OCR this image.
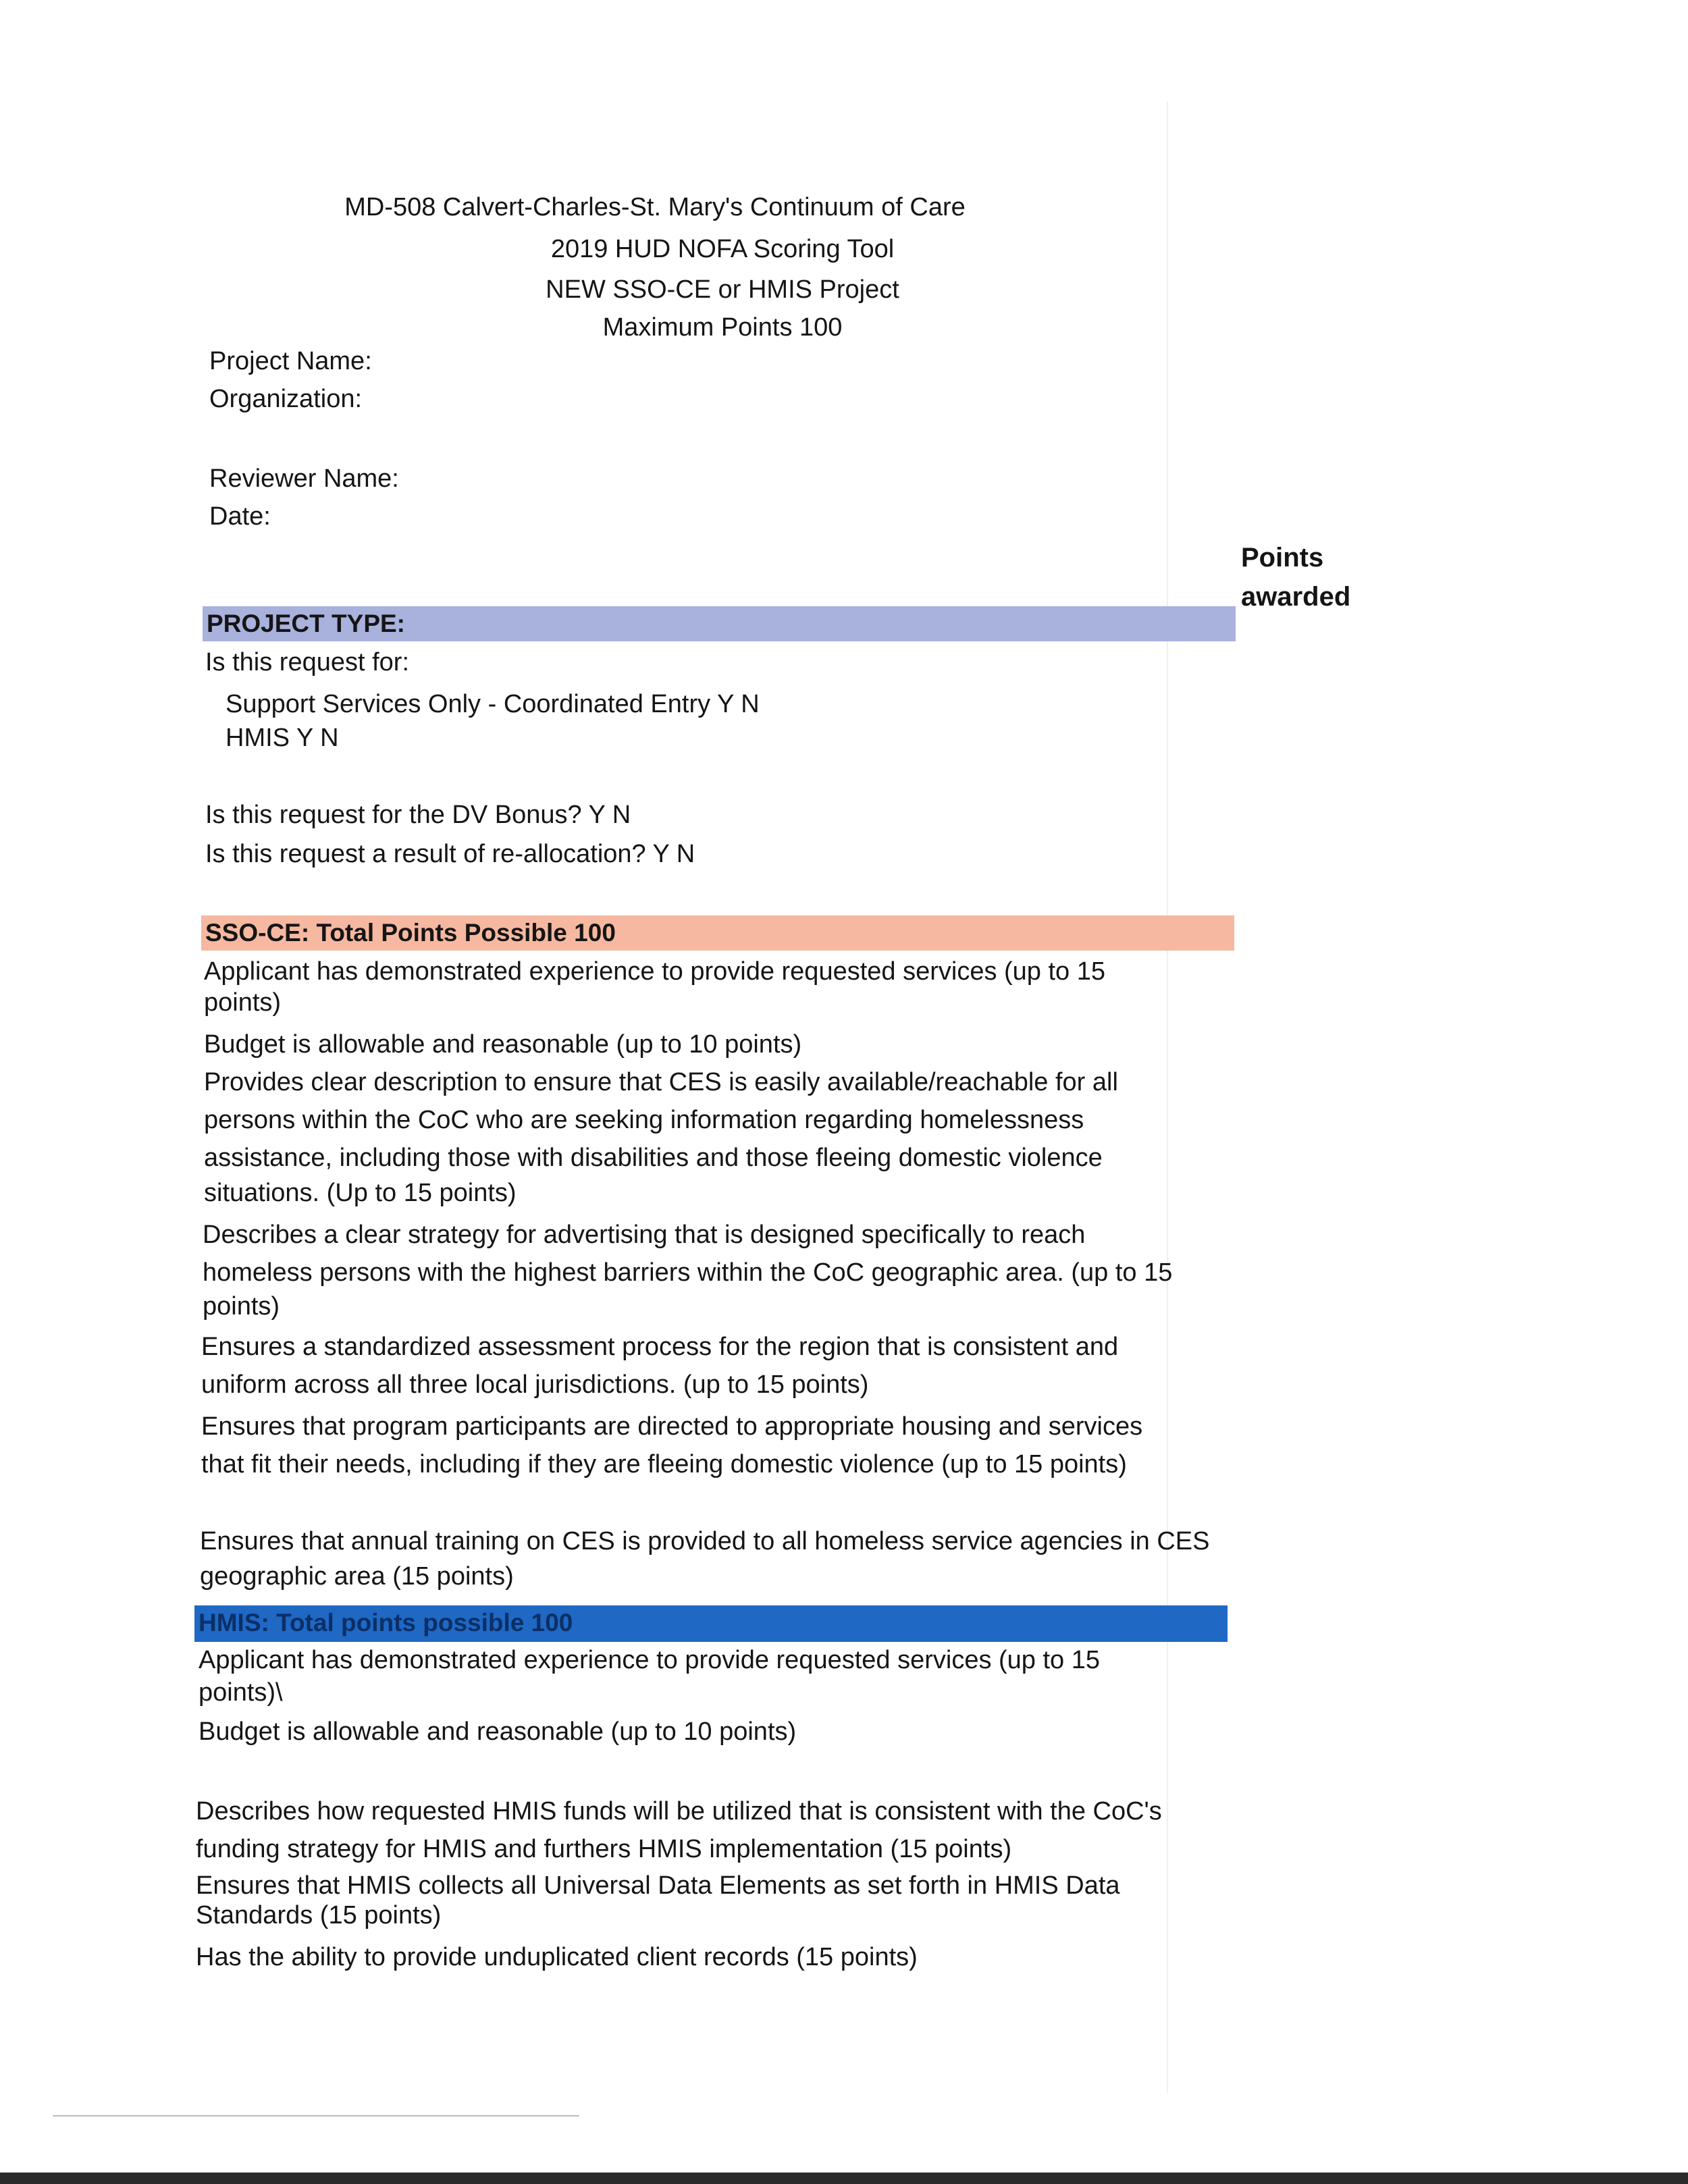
MD-508 Calvert-Charles-St. Mary's Continuum of Care

2019 HUD NOFA Scoring Tool

NEW SSO-CE or HMIS Project

Maximum Points 100

Project Name:

Organization:

Reviewer Name:

Date:

Points
awarded
PROJECT TYPE:

Is this request for:

Support Services Only - Coordinated Entry Y N

HMIS Y N

Is this request for the DV Bonus? Y N

Is this request a result of re-allocation? Y N

SSO-CE: Total Points Possible 100

Applicant has demonstrated experience to provide requested services (up to 15

points)

Budget is allowable and reasonable (up to 10 points)

Provides clear description to ensure that CES is easily available/reachable for all

persons within the CoC who are seeking information regarding homelessness

assistance, including those with disabilities and those fleeing domestic violence

situations. (Up to 15 points)

Describes a clear strategy for advertising that is designed specifically to reach

homeless persons with the highest barriers within the CoC geographic area. (up to 15

points)

Ensures a standardized assessment process for the region that is consistent and

uniform across all three local jurisdictions. (up to 15 points)

Ensures that program participants are directed to appropriate housing and services

that fit their needs, including if they are fleeing domestic violence (up to 15 points)

Ensures that annual training on CES is provided to all homeless service agencies in CES

geographic area (15 points)

HMIS: Total points possible 100

Applicant has demonstrated experience to provide requested services (up to 15

points)\

Budget is allowable and reasonable (up to 10 points)

Describes how requested HMIS funds will be utilized that is consistent with the CoC's

funding strategy for HMIS and furthers HMIS implementation (15 points)

Ensures that HMIS collects all Universal Data Elements as set forth in HMIS Data

Standards (15 points)

Has the ability to provide unduplicated client records (15 points)
